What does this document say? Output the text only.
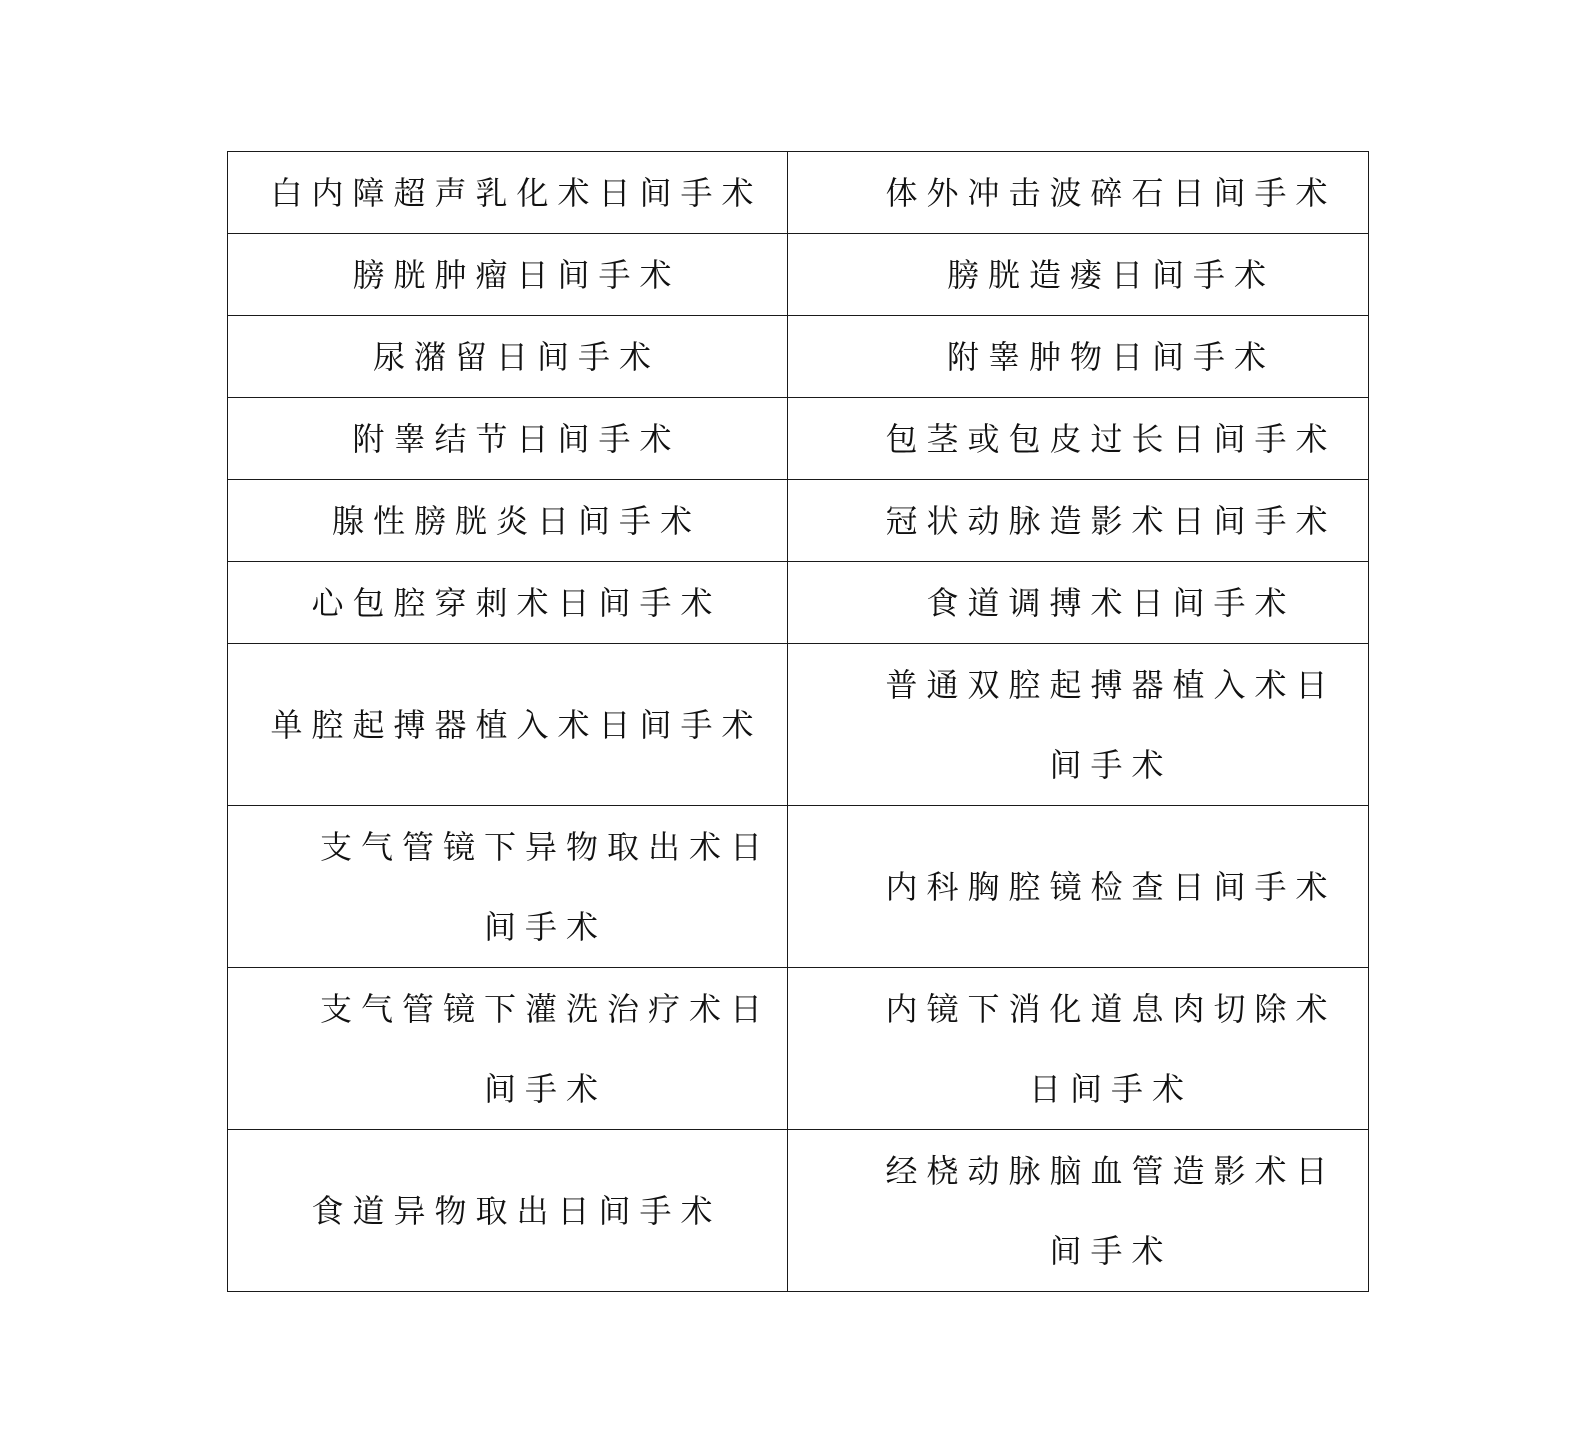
白内障超声乳化术日间手术	体外冲击波碎石日间手术

膀胱肿瘤日间手术	膀胱造瘘日间手术

尿潴留日间手术	附睾肿物日间手术

附睾结节日间手术	包茎或包皮过长日间手术

腺性膀胱炎日间手术	冠状动脉造影术日间手术

心包腔穿刺术日间手术	食道调搏术日间手术

单腔起搏器植入术日间手术	普通双腔起搏器植入术日间手术

支气管镜下异物取出术日间手术	内科胸腔镜检查日间手术

支气管镜下灌洗治疗术日间手术	内镜下消化道息肉切除术日间手术

食道异物取出日间手术	经桡动脉脑血管造影术日间手术
